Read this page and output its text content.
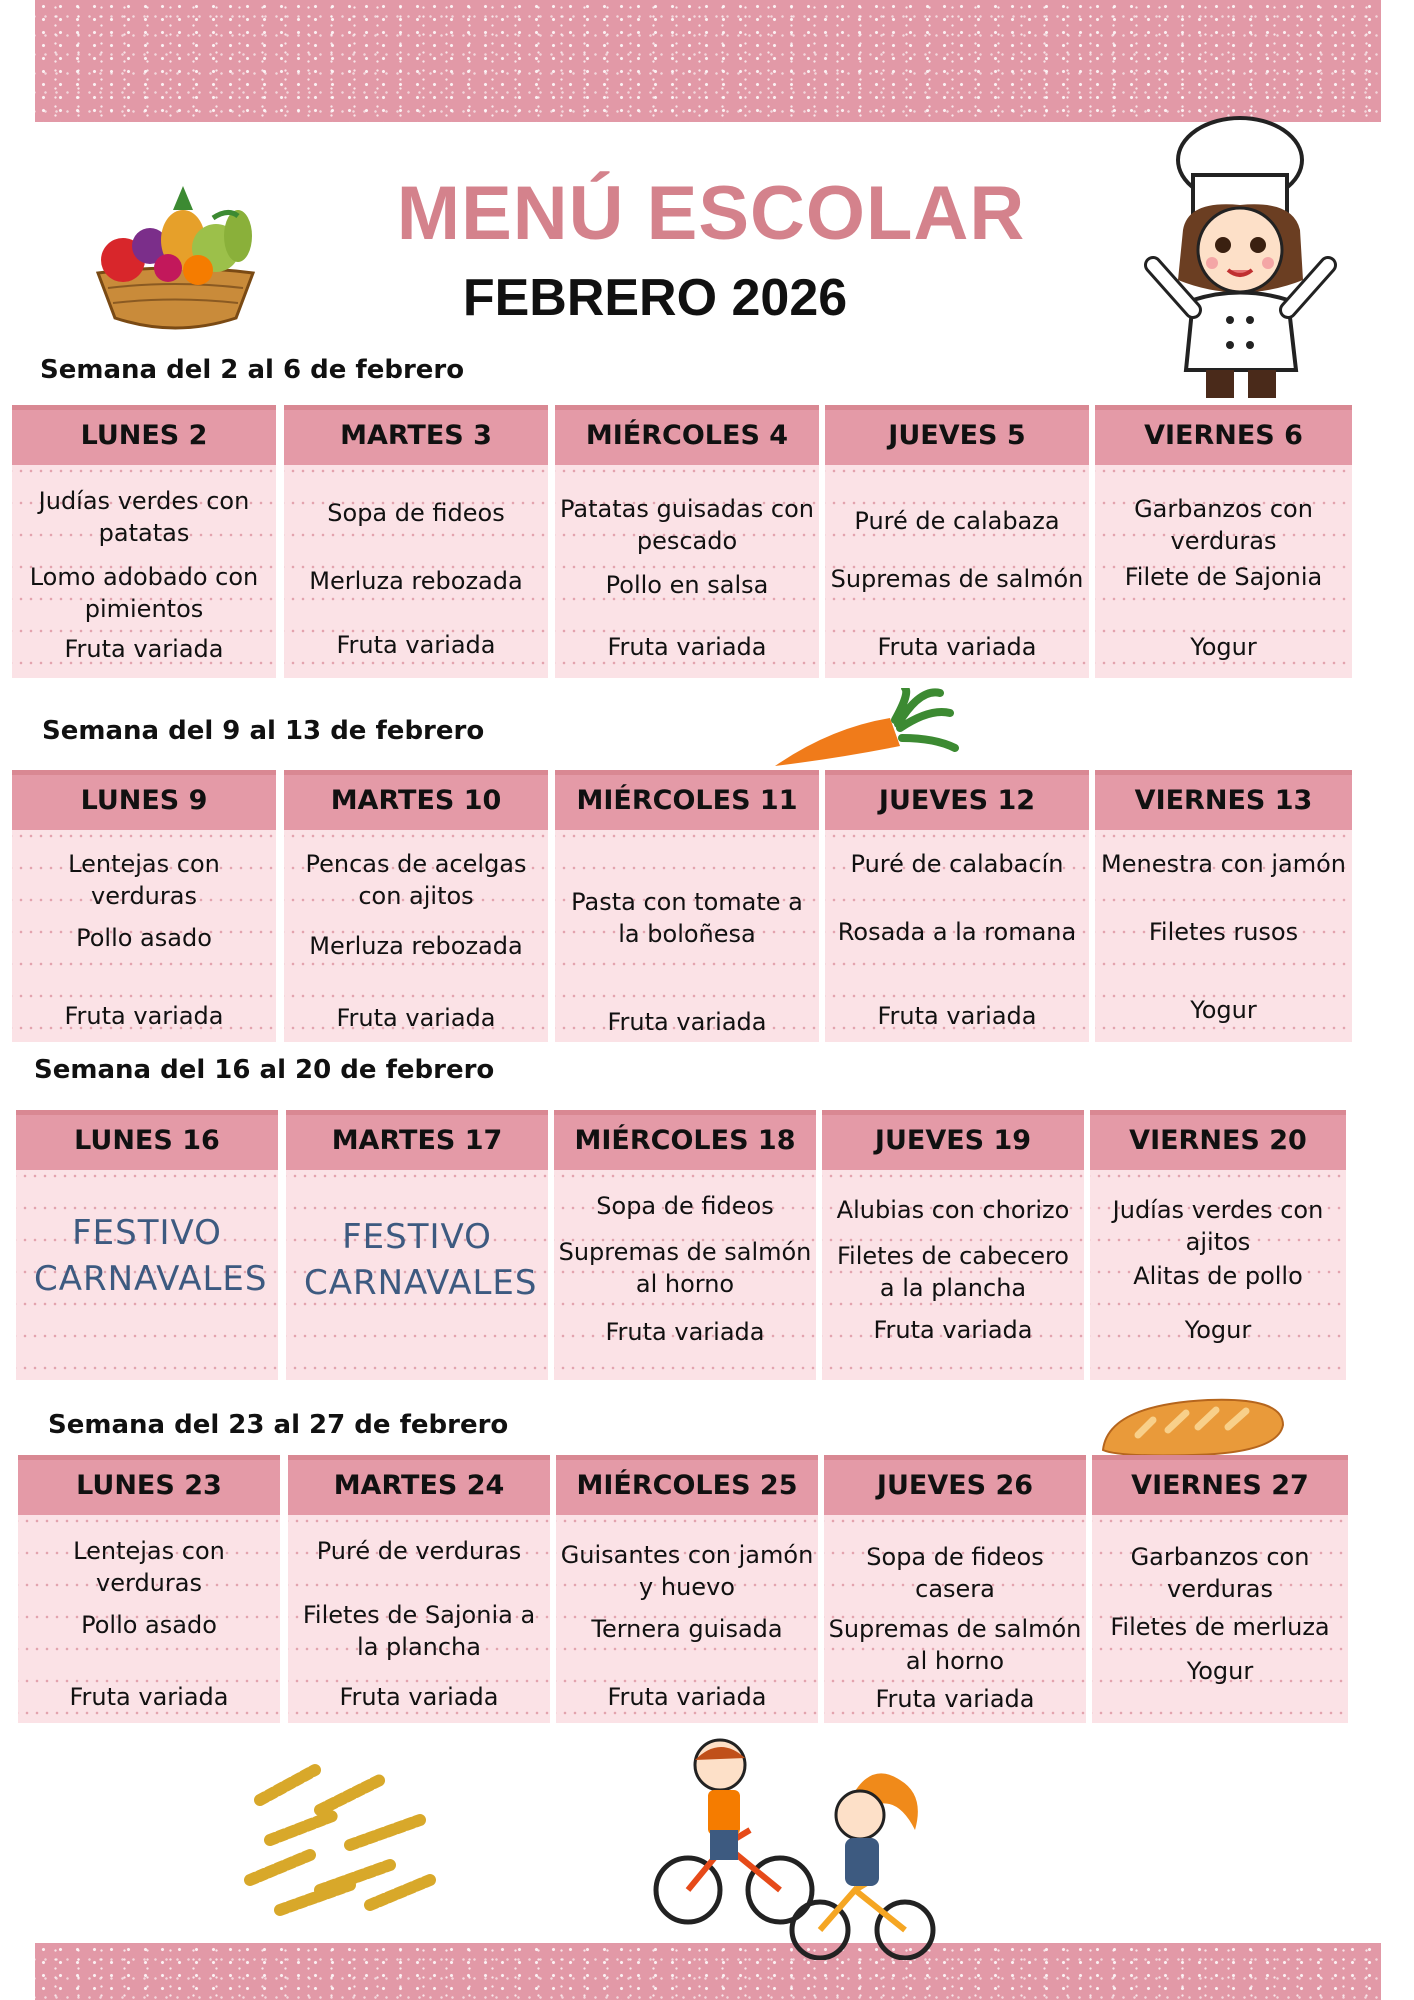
MENÚ ESCOLAR
FEBRERO 2026

Semana del 2 al 6 de febrero

LUNES 2
Judías verdes con patatas
Lomo adobado con pimientos
Fruta variada
MARTES 3
Sopa de fideos
Merluza rebozada
Fruta variada
MIÉRCOLES 4
Patatas guisadas con pescado
Pollo en salsa
Fruta variada
JUEVES 5
Puré de calabaza
Supremas de salmón
Fruta variada
VIERNES 6
Garbanzos con verduras
Filete de Sajonia
Yogur

Semana del 9 al 13 de febrero

LUNES 9
Lentejas con verduras
Pollo asado
Fruta variada
MARTES 10
Pencas de acelgas con ajitos
Merluza rebozada
Fruta variada
MIÉRCOLES 11
Pasta con tomate a la boloñesa
Fruta variada
JUEVES 12
Puré de calabacín
Rosada a la romana
Fruta variada
VIERNES 13
Menestra con jamón
Filetes rusos
Yogur

Semana del 16 al 20 de febrero

LUNES 16
FESTIVO CARNAVALES
MARTES 17
FESTIVO CARNAVALES
MIÉRCOLES 18
Sopa de fideos
Supremas de salmón al horno
Fruta variada
JUEVES 19
Alubias con chorizo
Filetes de cabecero a la plancha
Fruta variada
VIERNES 20
Judías verdes con ajitos
Alitas de pollo
Yogur

Semana del 23 al 27 de febrero

LUNES 23
Lentejas con verduras
Pollo asado
Fruta variada
MARTES 24
Puré de verduras
Filetes de Sajonia a la plancha
Fruta variada
MIÉRCOLES 25
Guisantes con jamón y huevo
Ternera guisada
Fruta variada
JUEVES 26
Sopa de fideos casera
Supremas de salmón al horno
Fruta variada
VIERNES 27
Garbanzos con verduras
Filetes de merluza
Yogur
